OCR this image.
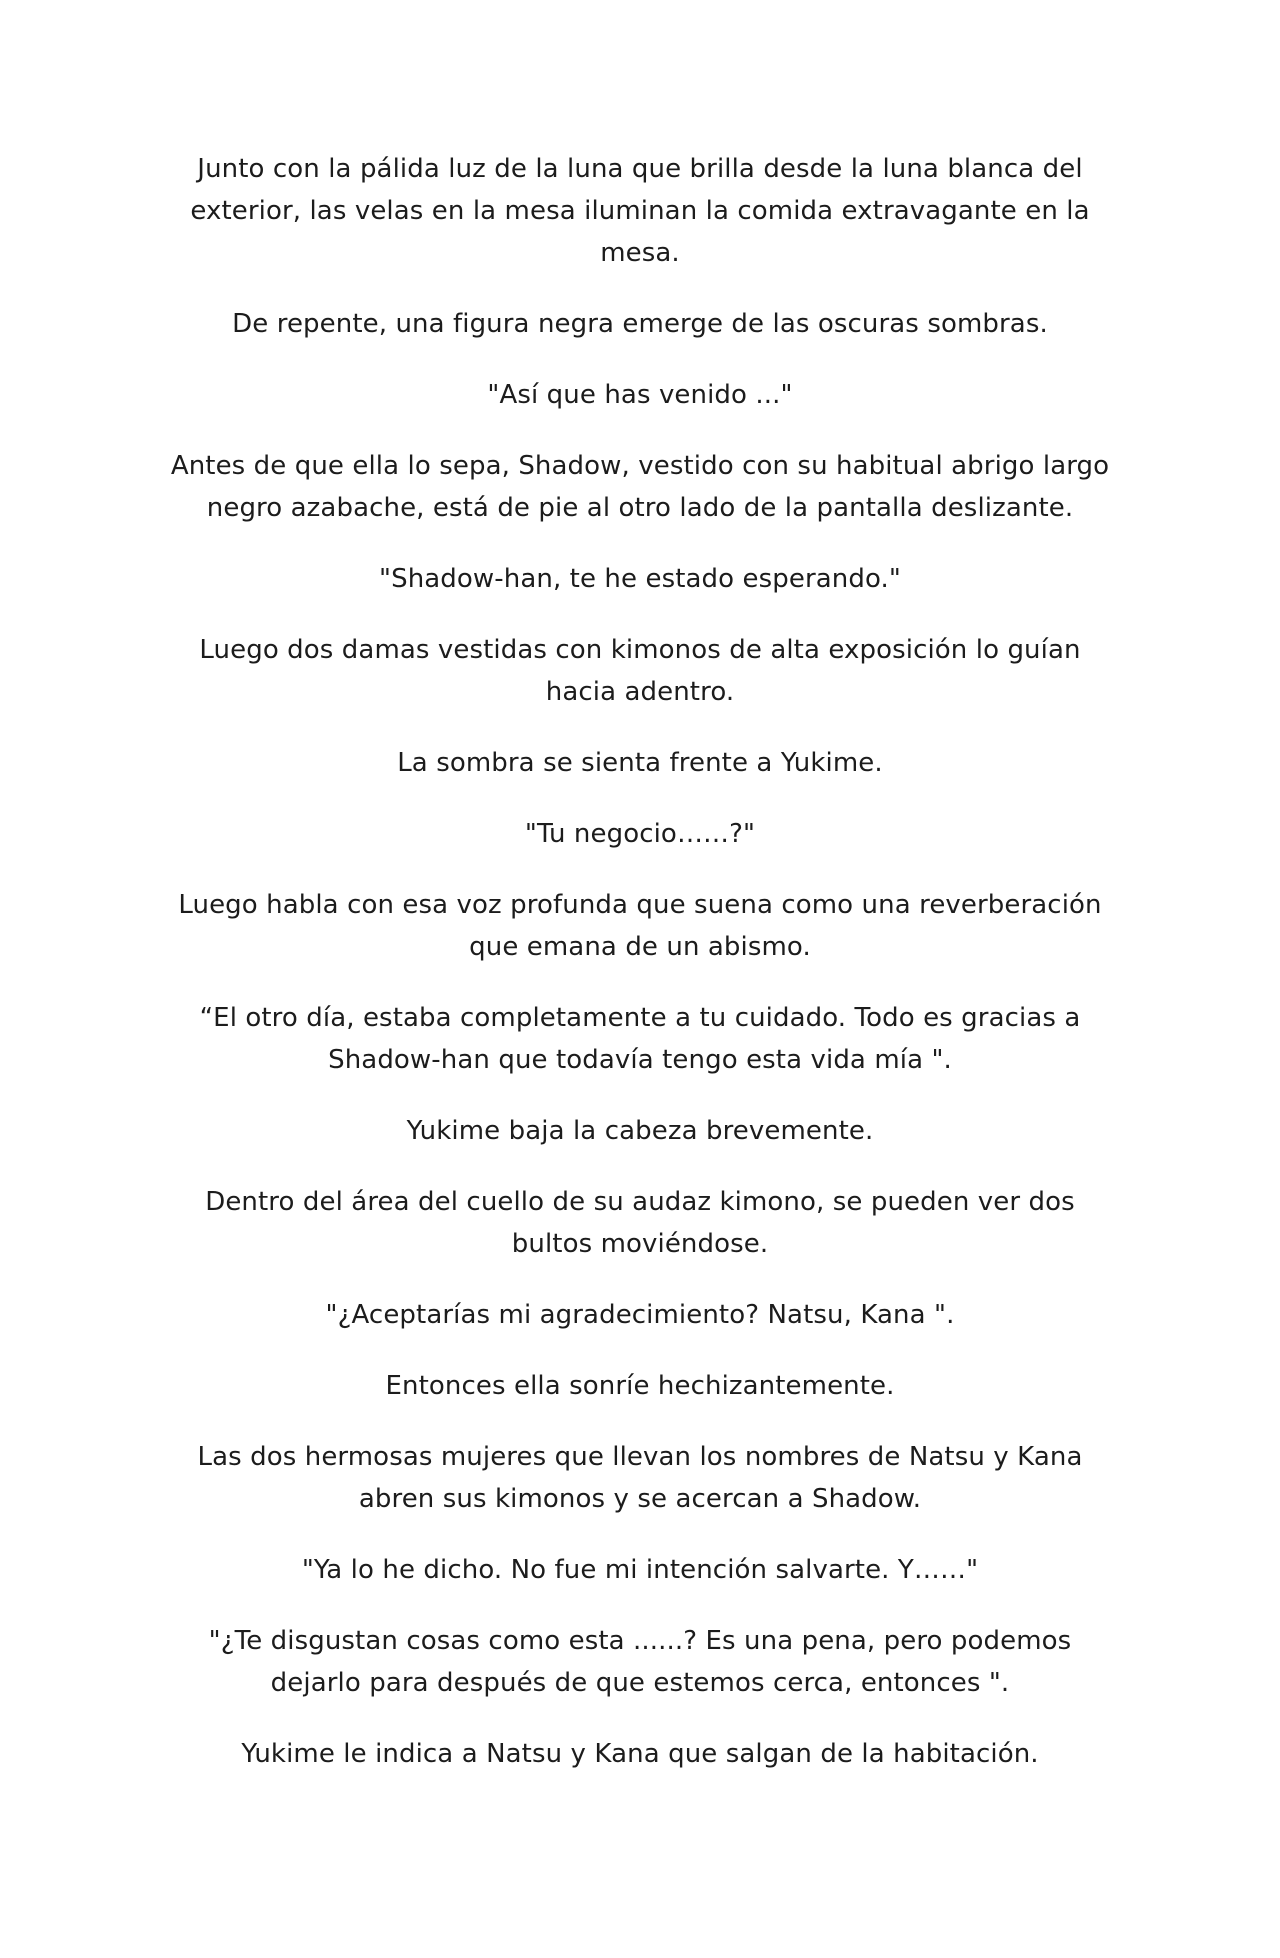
Junto con la pálida luz de la luna que brilla desde la luna blanca del exterior, las velas en la mesa iluminan la comida extravagante en la mesa.

De repente, una figura negra emerge de las oscuras sombras.

"Así que has venido ..."

Antes de que ella lo sepa, Shadow, vestido con su habitual abrigo largo negro azabache, está de pie al otro lado de la pantalla deslizante.

"Shadow-han, te he estado esperando."

Luego dos damas vestidas con kimonos de alta exposición lo guían hacia adentro.

La sombra se sienta frente a Yukime.

"Tu negocio……?"

Luego habla con esa voz profunda que suena como una reverberación que emana de un abismo.

“El otro día, estaba completamente a tu cuidado. Todo es gracias a Shadow-han que todavía tengo esta vida mía ".

Yukime baja la cabeza brevemente.

Dentro del área del cuello de su audaz kimono, se pueden ver dos bultos moviéndose.

"¿Aceptarías mi agradecimiento? Natsu, Kana ".

Entonces ella sonríe hechizantemente.

Las dos hermosas mujeres que llevan los nombres de Natsu y Kana abren sus kimonos y se acercan a Shadow.

"Ya lo he dicho. No fue mi intención salvarte. Y……"

"¿Te disgustan cosas como esta ......? Es una pena, pero podemos dejarlo para después de que estemos cerca, entonces ".

Yukime le indica a Natsu y Kana que salgan de la habitación.
